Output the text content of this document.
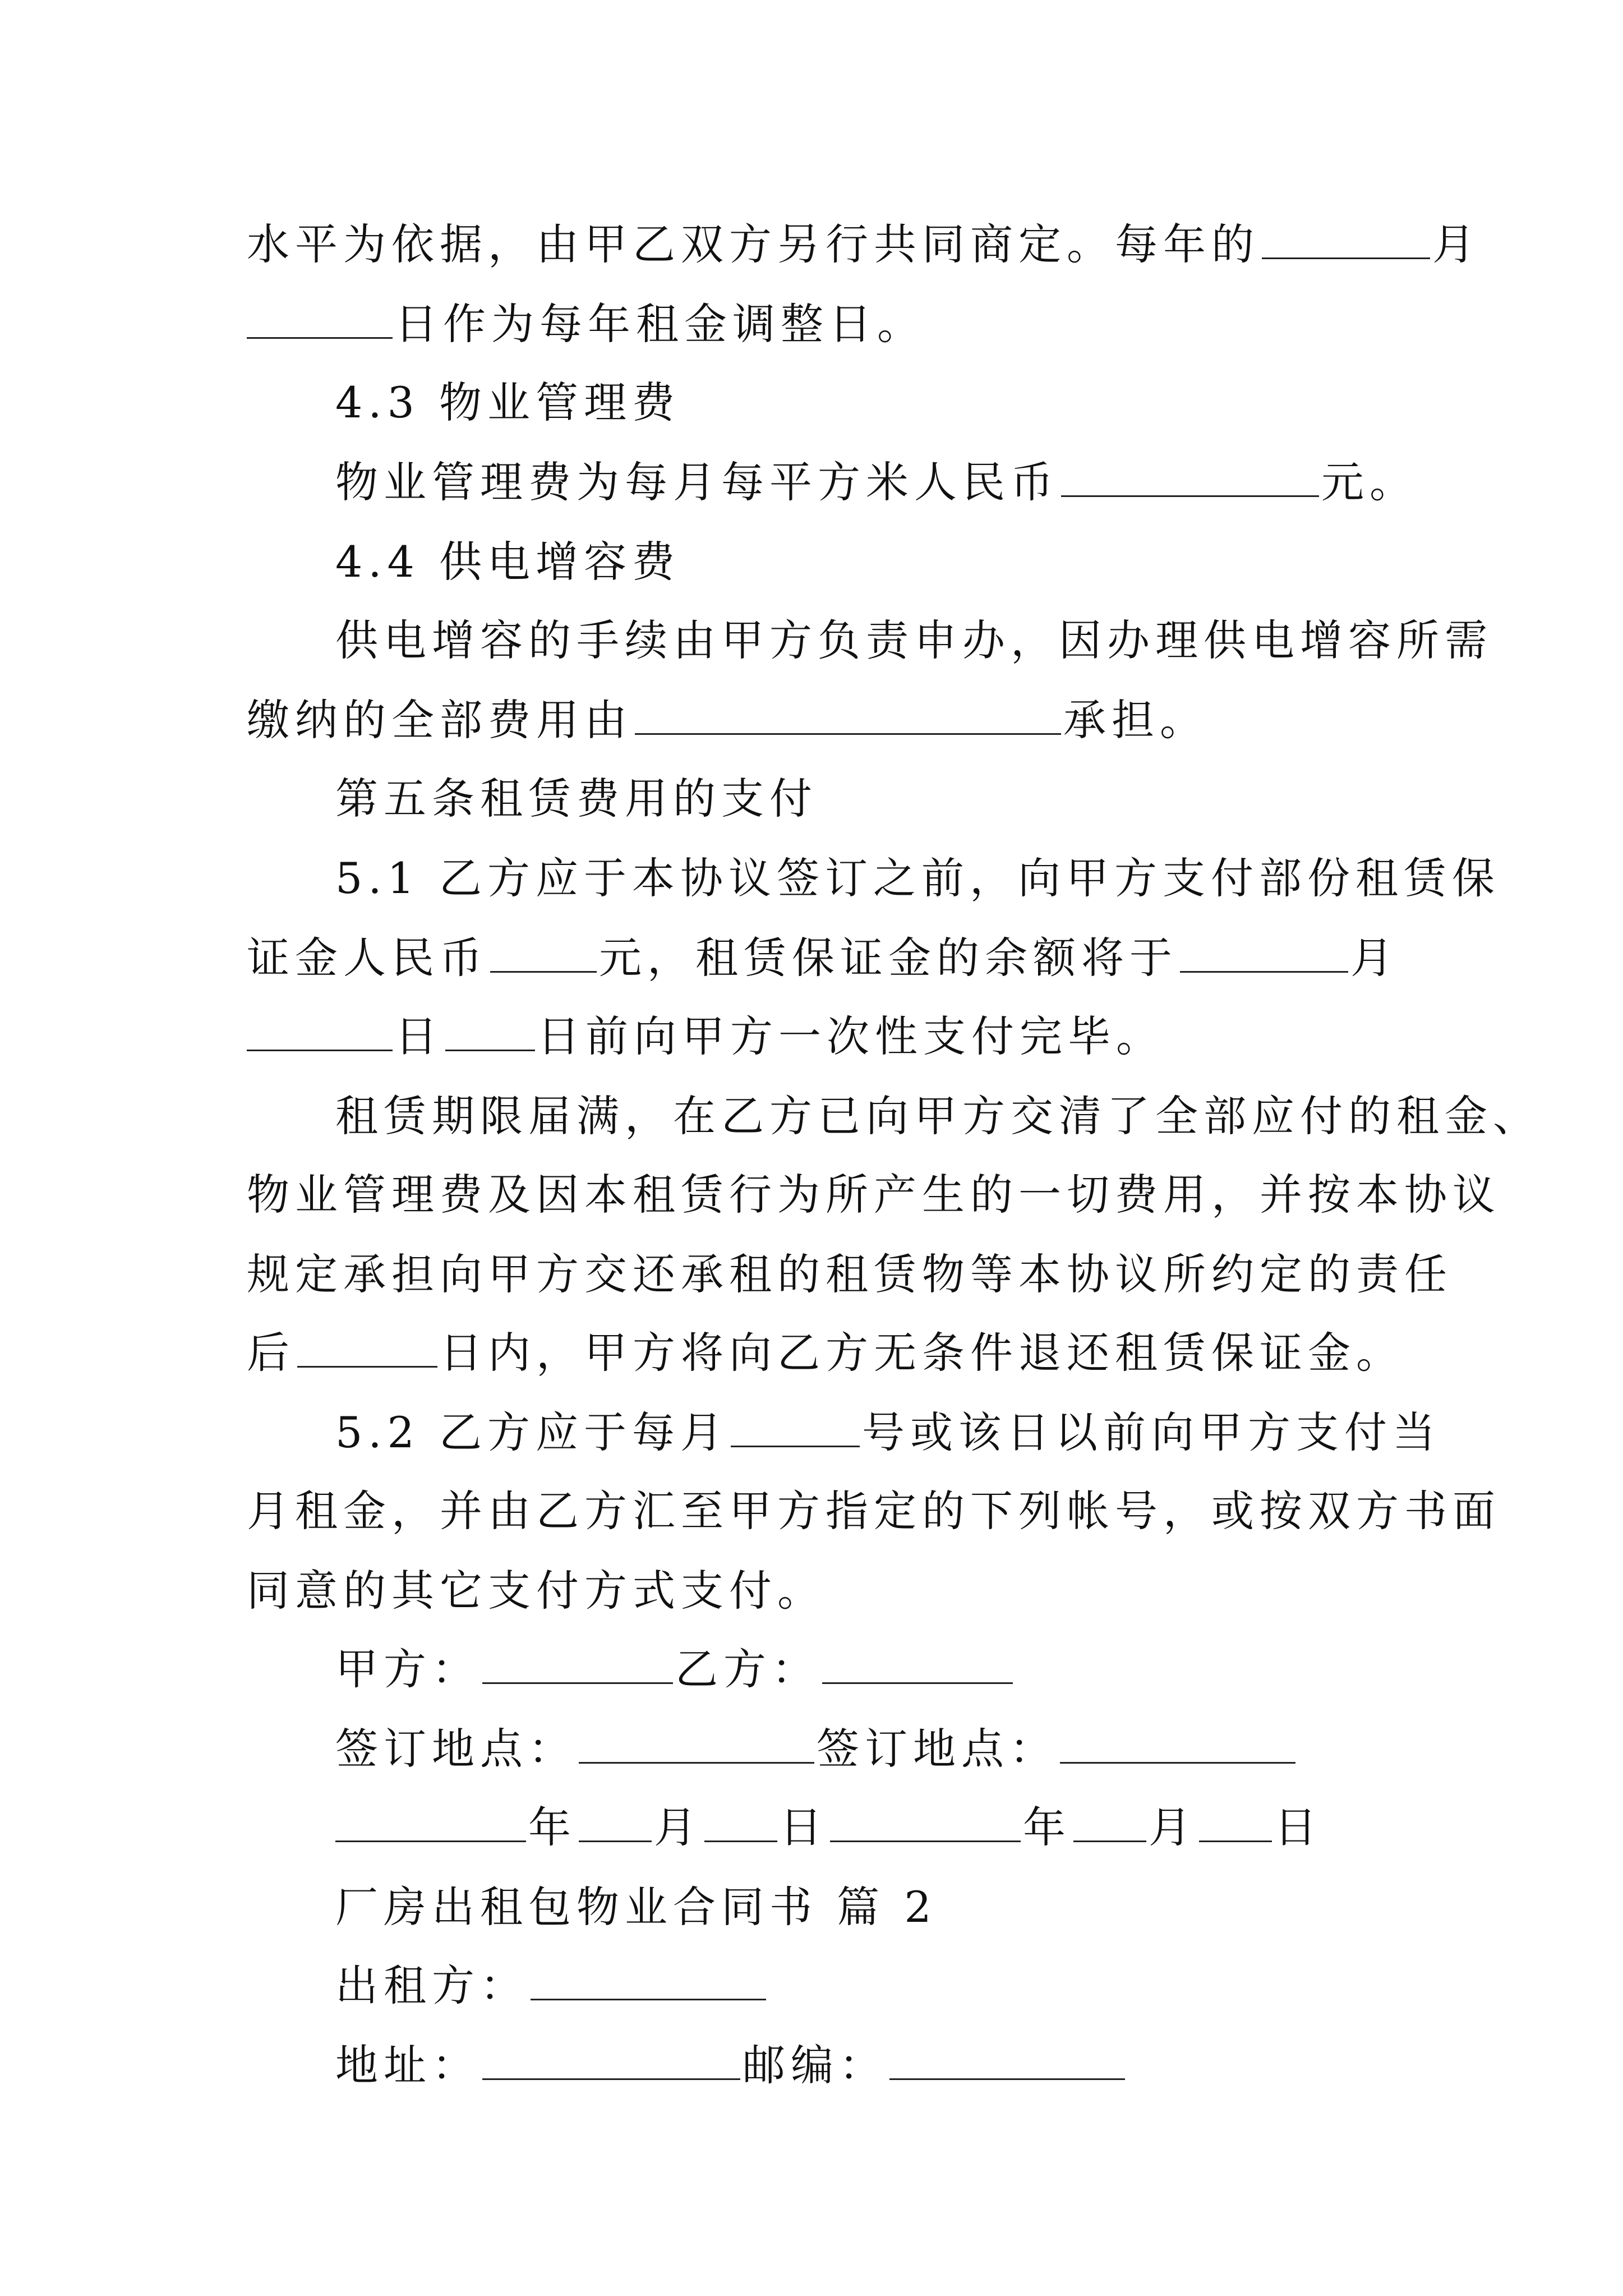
水平为依据，由甲乙双方另行共同商定。每年的	月
日作为每年租金调整日。
4.3 物业管理费
物业管理费为每月每平方米人民币	元。
4.4 供电增容费
供电增容的手续由甲方负责申办，因办理供电增容所需
缴纳的全部费用由	承担。
第五条租赁费用的支付
5.1 乙方应于本协议签订之前，向甲方支付部份租赁保
证金人民币	元，租赁保证金的余额将于	月
日 日前向甲方一次性支付完毕。
租赁期限届满，在乙方已向甲方交清了全部应付的租金、
物业管理费及因本租赁行为所产生的一切费用，并按本协议
规定承担向甲方交还承租的租赁物等本协议所约定的责任
后	日内，甲方将向乙方无条件退还租赁保证金。
5.2 乙方应于每月	号或该日以前向甲方支付当
月租金，并由乙方汇至甲方指定的下列帐号，或按双方书面
同意的其它支付方式支付。
甲方：	乙方：
签订地点：	签订地点：
年 月 日	年 月 日
厂房出租包物业合同书 篇 2
出租方：
地址：	邮编：
